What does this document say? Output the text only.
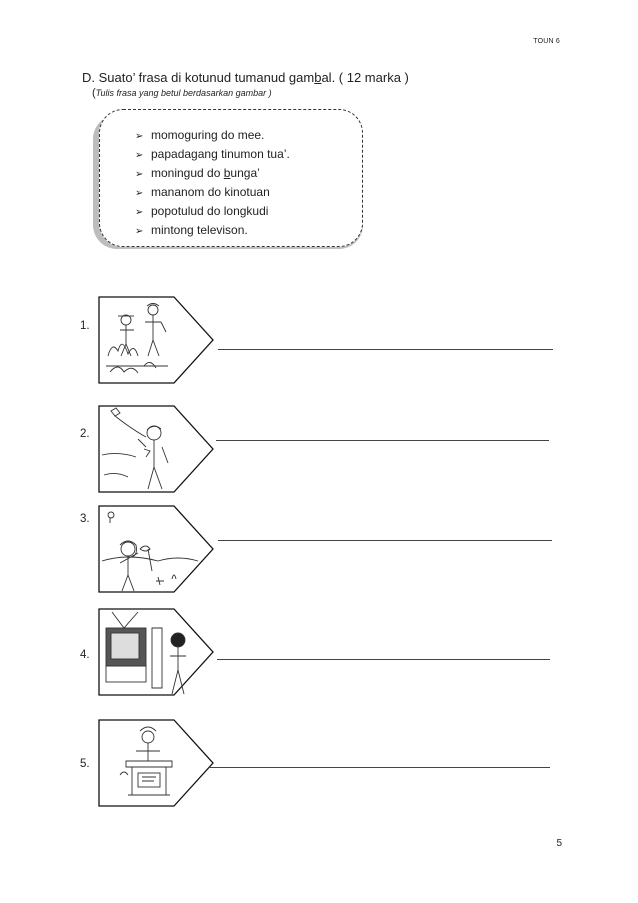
TOUN 6
D. Suato’ frasa di kotunud tumanud gambal. ( 12 marka )
(Tulis frasa yang betul berdasarkan gambar )
➢ momoguring do mee.
➢ papadagang tinumon tua’.
➢ moningud do bunga’
➢ mananom do kinotuan
➢ popotulud do longkudi
➢ mintong televison.
1.
2.
3.
4.
5.
5
